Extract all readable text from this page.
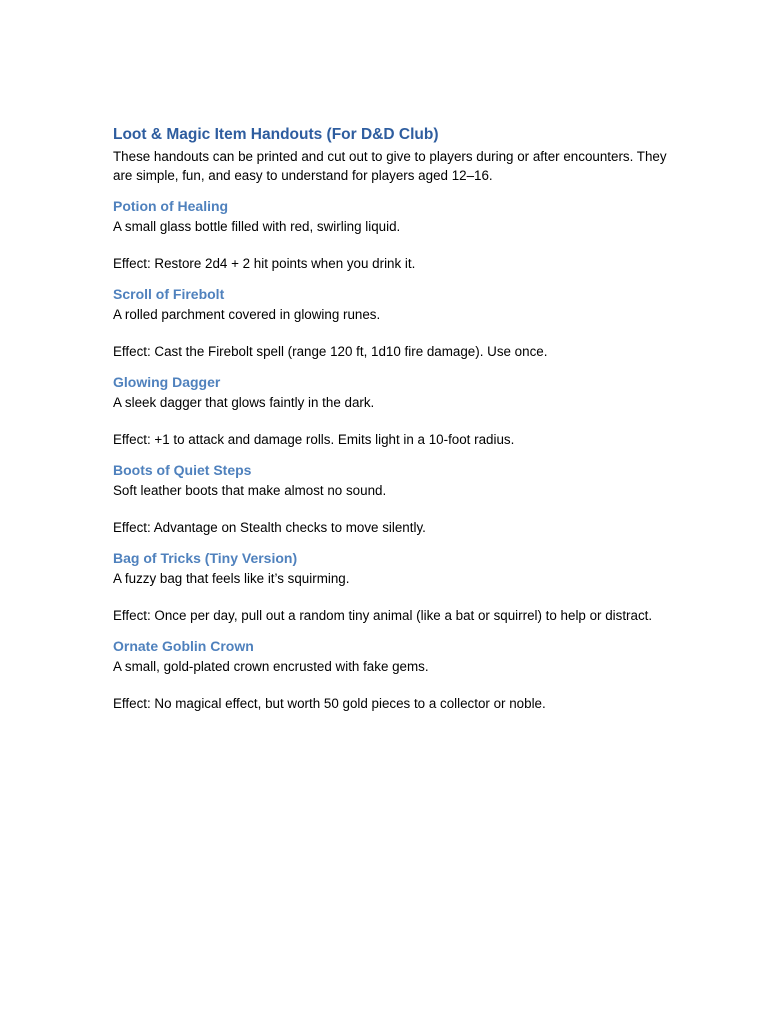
Loot & Magic Item Handouts (For D&D Club)

These handouts can be printed and cut out to give to players during or after encounters. They are simple, fun, and easy to understand for players aged 12–16.

Potion of Healing

A small glass bottle filled with red, swirling liquid.

Effect: Restore 2d4 + 2 hit points when you drink it.

Scroll of Firebolt

A rolled parchment covered in glowing runes.

Effect: Cast the Firebolt spell (range 120 ft, 1d10 fire damage). Use once.

Glowing Dagger

A sleek dagger that glows faintly in the dark.

Effect: +1 to attack and damage rolls. Emits light in a 10-foot radius.

Boots of Quiet Steps

Soft leather boots that make almost no sound.

Effect: Advantage on Stealth checks to move silently.

Bag of Tricks (Tiny Version)

A fuzzy bag that feels like it’s squirming.

Effect: Once per day, pull out a random tiny animal (like a bat or squirrel) to help or distract.

Ornate Goblin Crown

A small, gold-plated crown encrusted with fake gems.

Effect: No magical effect, but worth 50 gold pieces to a collector or noble.
